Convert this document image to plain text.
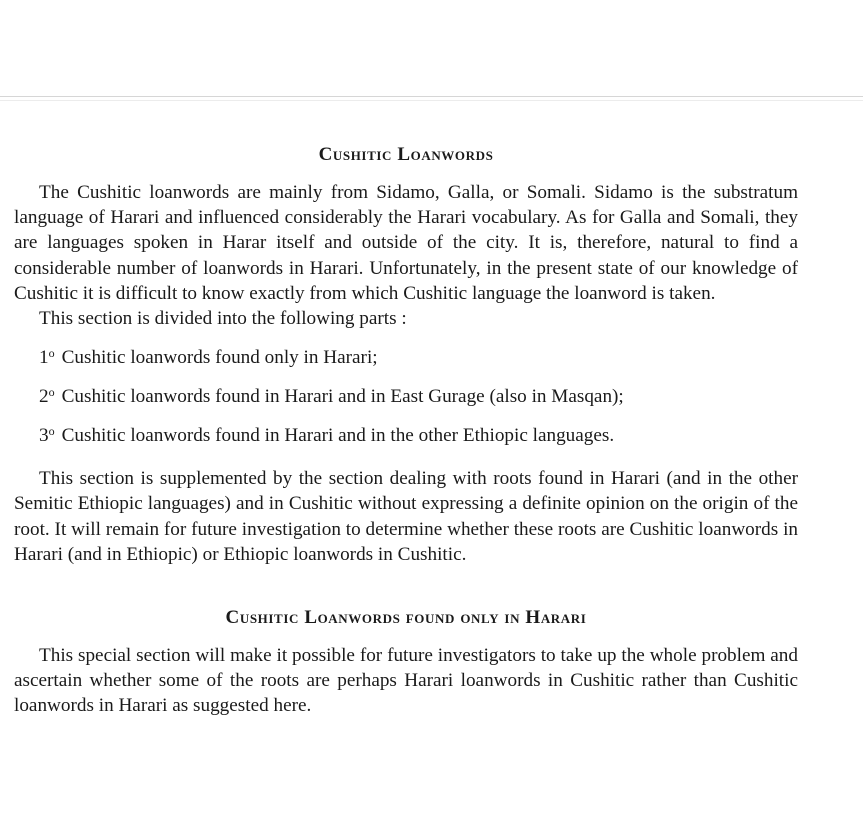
Cushitic Loanwords

The Cushitic loanwords are mainly from Sidamo, Galla, or Somali. Sidamo is the substratum language of Harari and influenced considerably the Harari vocabulary. As for Galla and Somali, they are languages spoken in Harar itself and outside of the city. It is, therefore, natural to find a considerable number of loanwords in Harari. Unfortunately, in the present state of our knowledge of Cushitic it is difficult to know exactly from which Cushitic language the loanword is taken.

This section is divided into the following parts :

1$^o$ Cushitic loanwords found only in Harari;
2$^o$ Cushitic loanwords found in Harari and in East Gurage (also in Masqan);
3$^o$ Cushitic loanwords found in Harari and in the other Ethiopic languages.

This section is supplemented by the section dealing with roots found in Harari (and in the other Semitic Ethiopic languages) and in Cushitic without expressing a definite opinion on the origin of the root. It will remain for future investigation to determine whether these roots are Cushitic loanwords in Harari (and in Ethiopic) or Ethiopic loanwords in Cushitic.

Cushitic Loanwords found only in Harari

This special section will make it possible for future investigators to take up the whole problem and ascertain whether some of the roots are perhaps Harari loanwords in Cushitic rather than Cushitic loanwords in Harari as suggested here.
